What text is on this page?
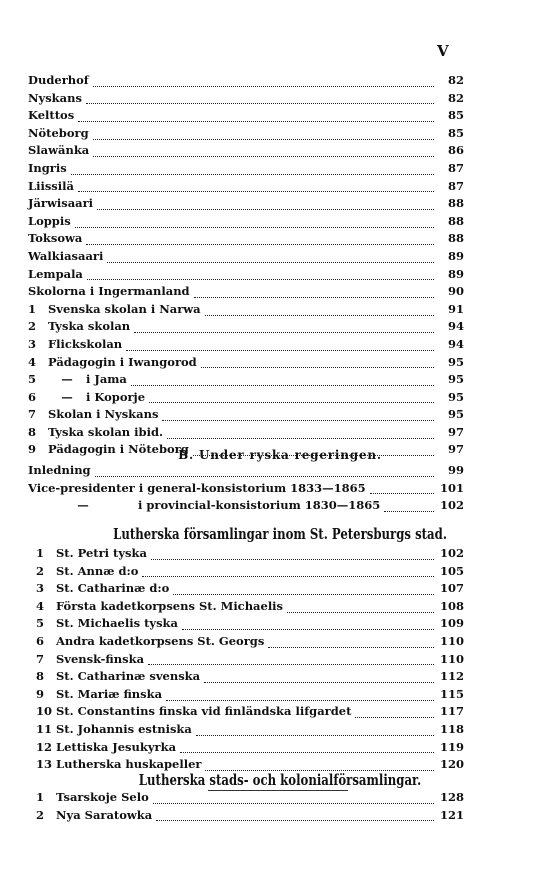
V
Duderhof	82
Nyskans	82
Kelttos	85
Nöteborg	85
Slawänka	86
Ingris	87
Liissilä	87
Järwisaari	88
Loppis	88
Toksowa	88
Walkiasaari	89
Lempala	89
Skolorna i Ingermanland	90
1	Svenska skolan i Narwa	91
2	Tyska skolan	94
3	Flickskolan	94
4	Pädagogin i Iwangorod	95
5	—	i Jama	95
6	—	i Koporje	95
7	Skolan i Nyskans	95
8	Tyska skolan ibid.	97
9	Pädagogin i Nöteborg	97
B. Under ryska regeringen.
Inledning	99
Vice-presidenter i general-konsistorium 1833—1865	101
—	i provincial-konsistorium 1830—1865	102
Lutherska församlingar inom St. Petersburgs stad.
1	St. Petri tyska	102
2	St. Annæ d:o	105
3	St. Catharinæ d:o	107
4	Första kadetkorpsens St. Michaelis	108
5	St. Michaelis tyska	109
6	Andra kadetkorpsens St. Georgs	110
7	Svensk-finska	110
8	St. Catharinæ svenska	112
9	St. Mariæ finska	115
10 St. Constantins finska vid finländska lifgardet	117
11 St. Johannis estniska	118
12 Lettiska Jesukyrka	119
13 Lutherska huskapeller	120
Lutherska stads- och kolonialförsamlingar.
1	Tsarskoje Selo	128
2	Nya Saratowka	121
